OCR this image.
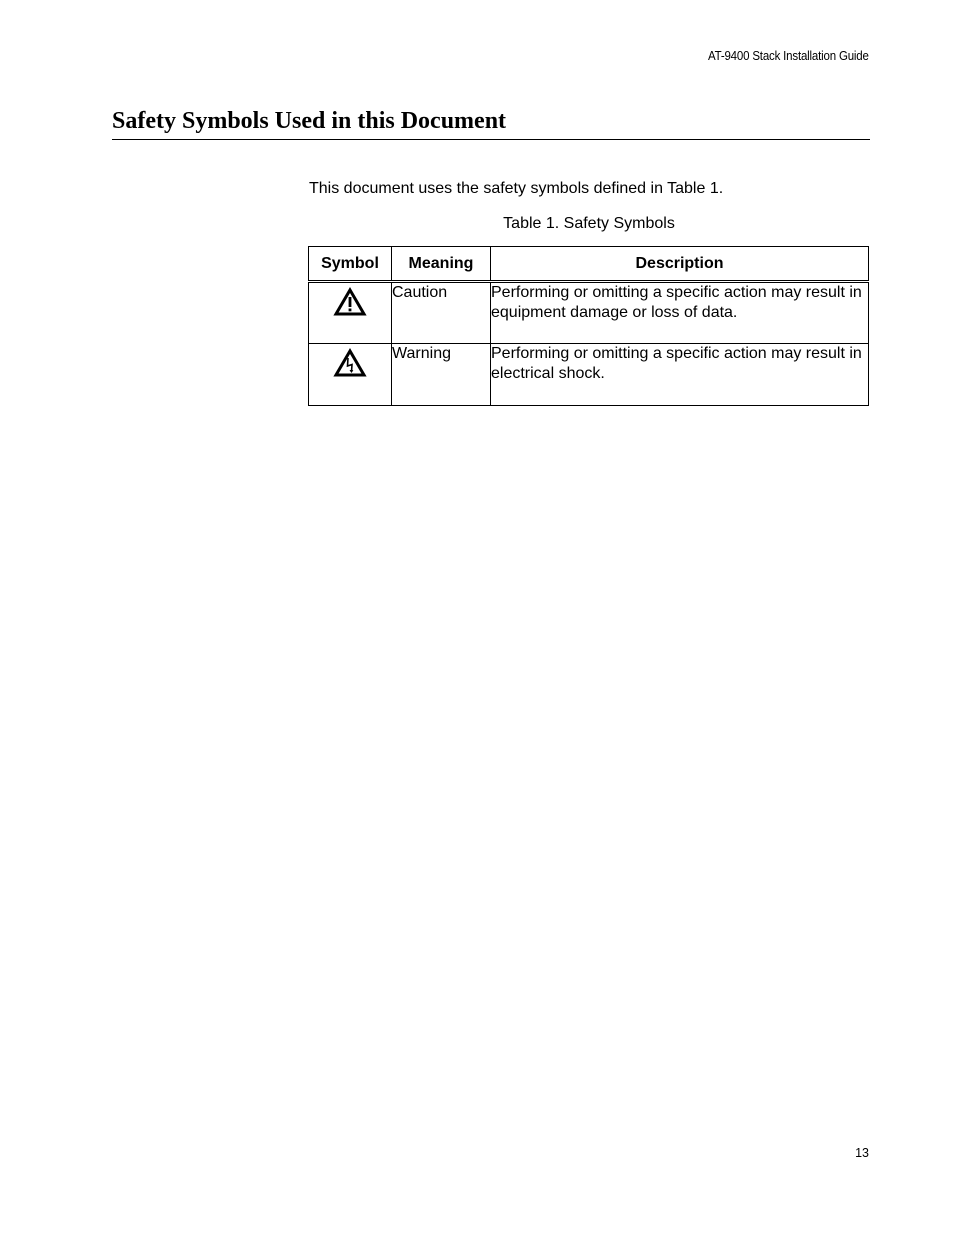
AT-9400 Stack Installation Guide
Safety Symbols Used in this Document

This document uses the safety symbols defined in Table 1.

Table 1. Safety Symbols

Symbol	Meaning	Description

	Caution	Performing or omitting a specific action may result in equipment damage or loss of data.

	Warning	Performing or omitting a specific action may result in electrical shock.
13
